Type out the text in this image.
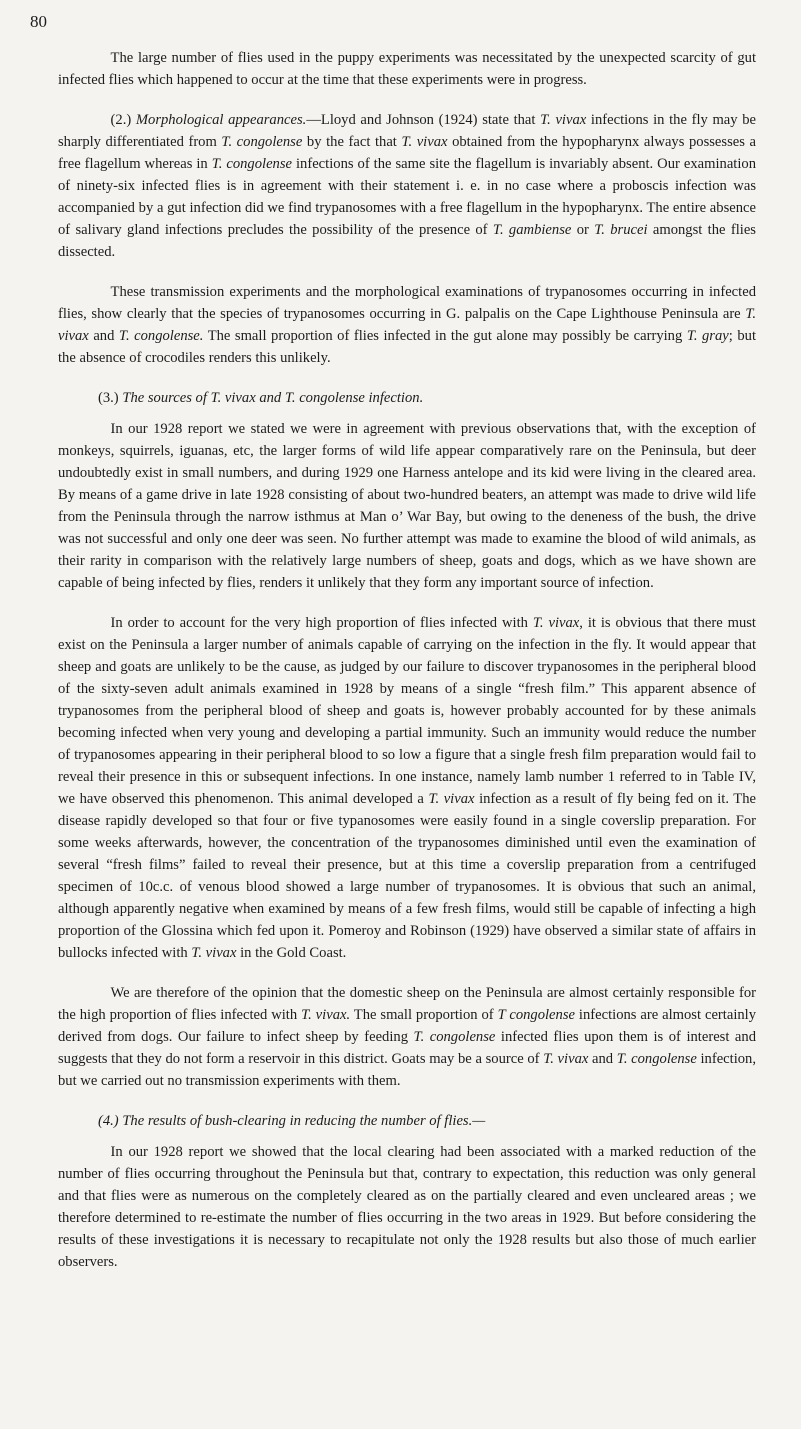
80

The large number of flies used in the puppy experiments was necessitated by the unexpected scarcity of gut infected flies which happened to occur at the time that these experiments were in progress.

(2.) Morphological appearances.—Lloyd and Johnson (1924) state that T. vivax infections in the fly may be sharply differentiated from T. congolense by the fact that T. vivax obtained from the hypopharynx always possesses a free flagellum whereas in T. congolense infections of the same site the flagellum is invariably absent. Our examination of ninety-six infected flies is in agreement with their statement i. e. in no case where a proboscis infection was accompanied by a gut infection did we find trypanosomes with a free flagellum in the hypopharynx. The entire absence of salivary gland infections precludes the possibility of the presence of T. gambiense or T. brucei amongst the flies dissected.

These transmission experiments and the morphological examinations of trypanosomes occurring in infected flies, show clearly that the species of trypanosomes occurring in G. palpalis on the Cape Lighthouse Peninsula are T. vivax and T. congolense. The small proportion of flies infected in the gut alone may possibly be carrying T. gray; but the absence of crocodiles renders this unlikely.

(3.) The sources of T. vivax and T. congolense infection.

In our 1928 report we stated we were in agreement with previous observations that, with the exception of monkeys, squirrels, iguanas, etc, the larger forms of wild life appear comparatively rare on the Peninsula, but deer undoubtedly exist in small numbers, and during 1929 one Harness antelope and its kid were living in the cleared area. By means of a game drive in late 1928 consisting of about two-hundred beaters, an attempt was made to drive wild life from the Peninsula through the narrow isthmus at Man o’ War Bay, but owing to the deneness of the bush, the drive was not successful and only one deer was seen. No further attempt was made to examine the blood of wild animals, as their rarity in comparison with the relatively large numbers of sheep, goats and dogs, which as we have shown are capable of being infected by flies, renders it unlikely that they form any important source of infection.

In order to account for the very high proportion of flies infected with T. vivax, it is obvious that there must exist on the Peninsula a larger number of animals capable of carrying on the infection in the fly. It would appear that sheep and goats are unlikely to be the cause, as judged by our failure to discover trypanosomes in the peripheral blood of the sixty-seven adult animals examined in 1928 by means of a single “fresh film.” This apparent absence of trypanosomes from the peripheral blood of sheep and goats is, however probably accounted for by these animals becoming infected when very young and developing a partial immunity. Such an immunity would reduce the number of trypanosomes appearing in their peripheral blood to so low a figure that a single fresh film preparation would fail to reveal their presence in this or subsequent infections. In one instance, namely lamb number 1 referred to in Table IV, we have observed this phenomenon. This animal developed a T. vivax infection as a result of fly being fed on it. The disease rapidly developed so that four or five typanosomes were easily found in a single coverslip preparation. For some weeks afterwards, however, the concentration of the trypanosomes diminished until even the examination of several “fresh films” failed to reveal their presence, but at this time a coverslip preparation from a centrifuged specimen of 10c.c. of venous blood showed a large number of trypanosomes. It is obvious that such an animal, although apparently negative when examined by means of a few fresh films, would still be capable of infecting a high proportion of the Glossina which fed upon it. Pomeroy and Robinson (1929) have observed a similar state of affairs in bullocks infected with T. vivax in the Gold Coast.

We are therefore of the opinion that the domestic sheep on the Peninsula are almost certainly responsible for the high proportion of flies infected with T. vivax. The small proportion of T congolense infections are almost certainly derived from dogs. Our failure to infect sheep by feeding T. congolense infected flies upon them is of interest and suggests that they do not form a reservoir in this district. Goats may be a source of T. vivax and T. congolense infection, but we carried out no transmission experiments with them.

(4.) The results of bush-clearing in reducing the number of flies.—

In our 1928 report we showed that the local clearing had been associated with a marked reduction of the number of flies occurring throughout the Peninsula but that, contrary to expectation, this reduction was only general and that flies were as numerous on the completely cleared as on the partially cleared and even uncleared areas ; we therefore determined to re-estimate the number of flies occurring in the two areas in 1929. But before considering the results of these investigations it is necessary to recapitulate not only the 1928 results but also those of much earlier observers.
